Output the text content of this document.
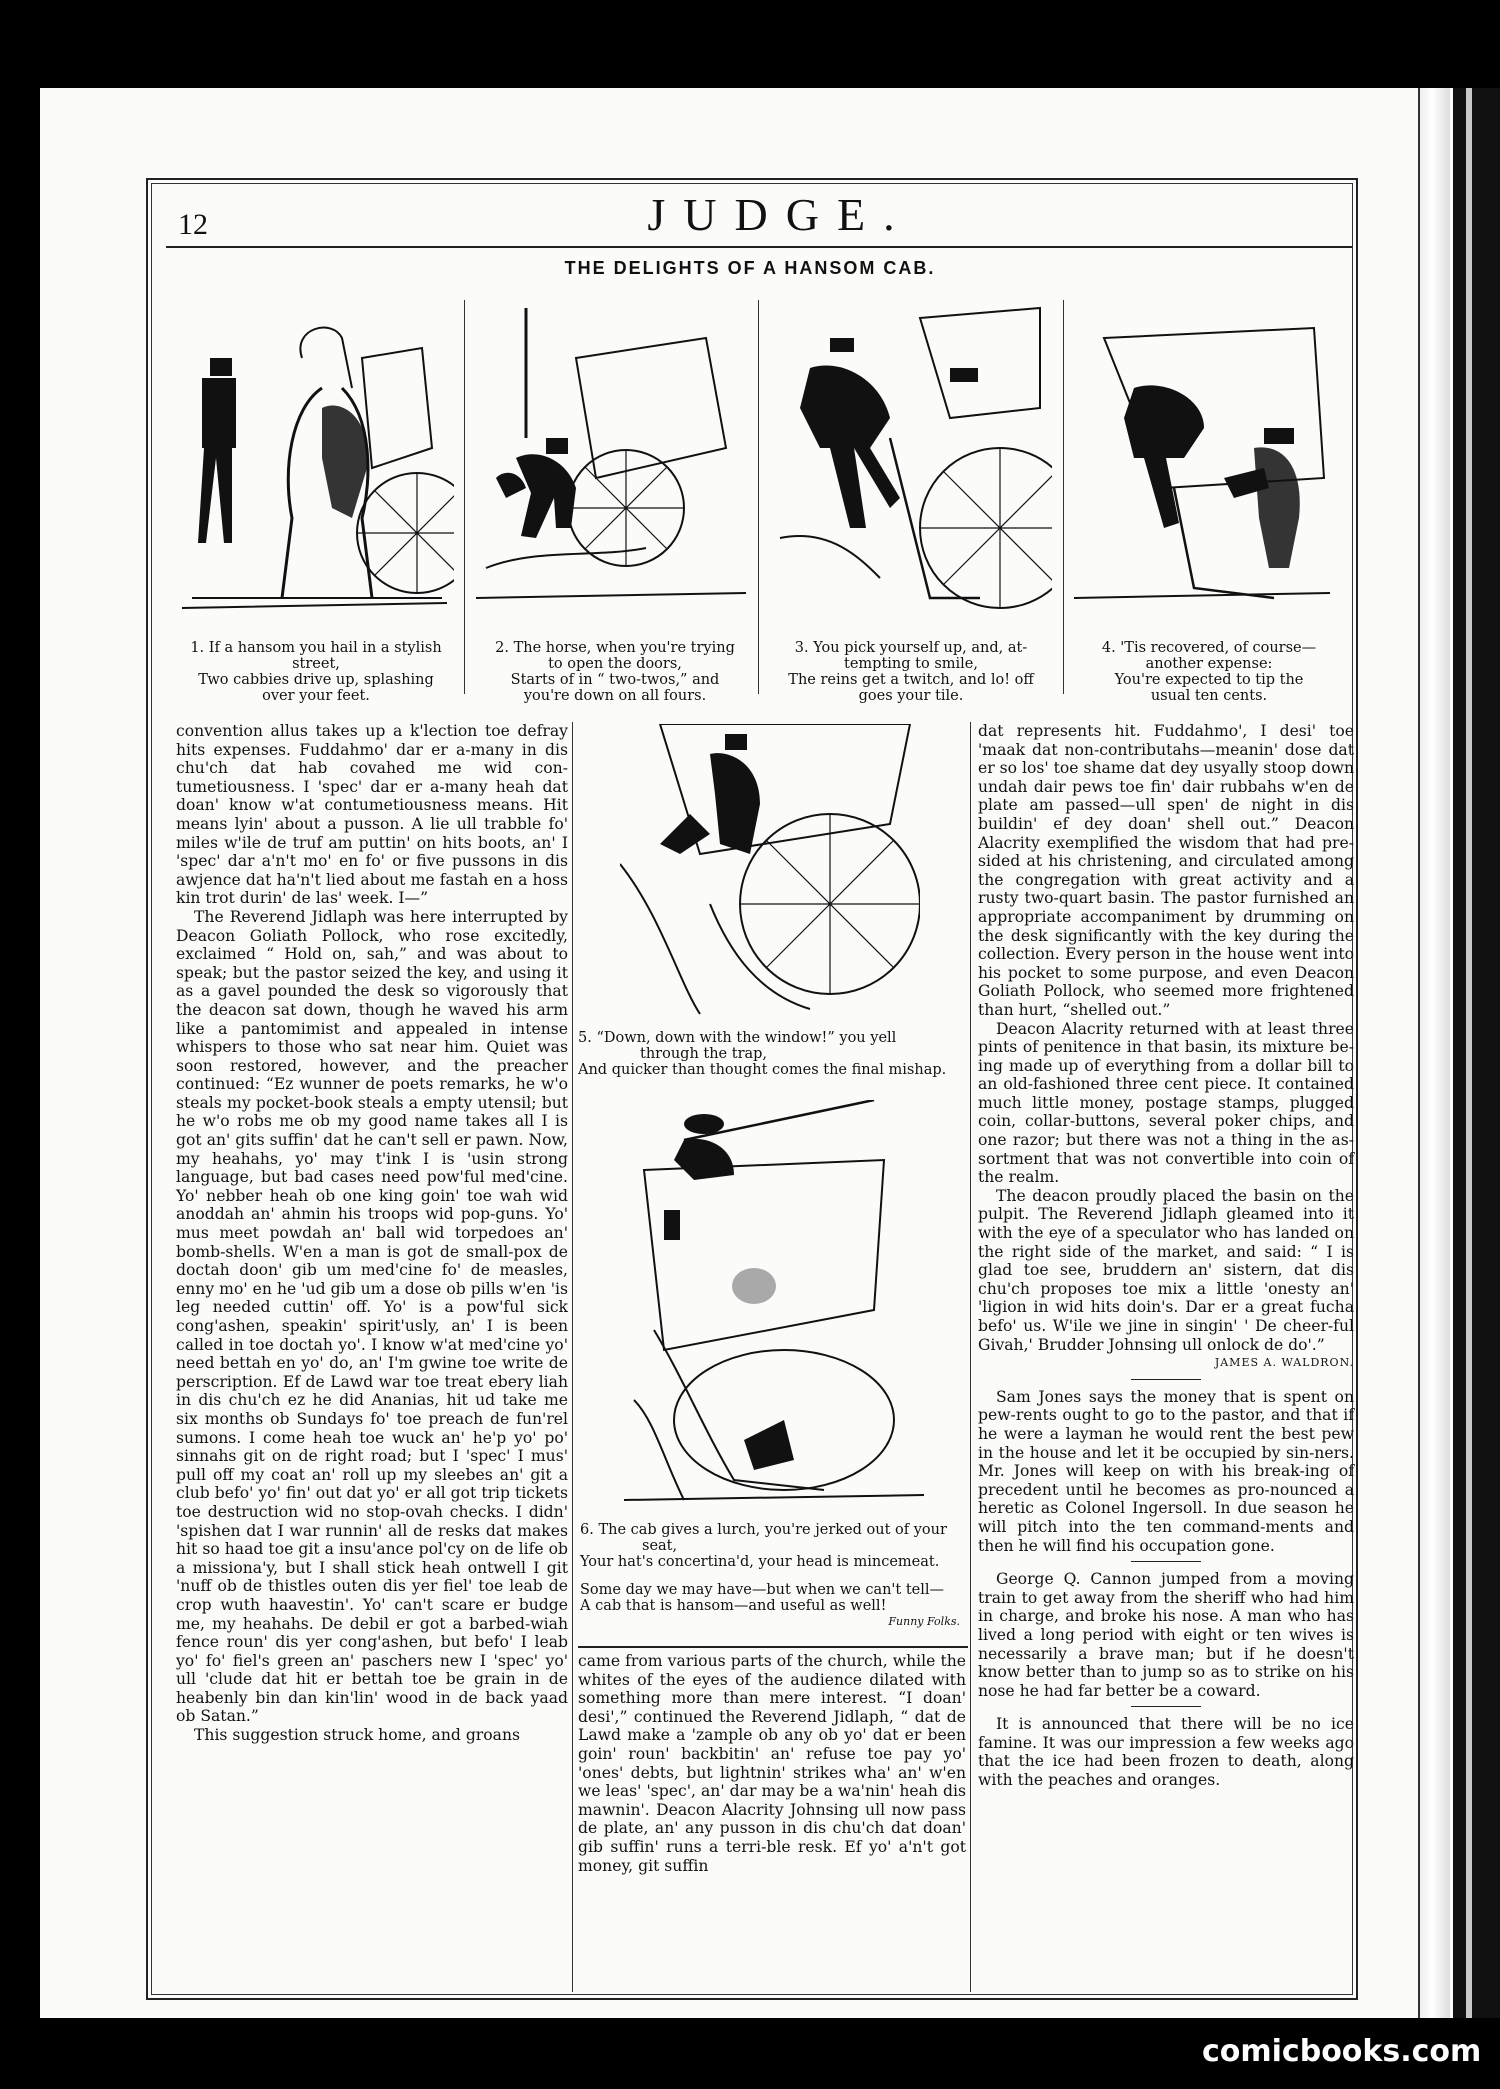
12	JUDGE.
THE DELIGHTS OF A HANSOM CAB.
1. If a hansom you hail in a stylish
street,
Two cabbies drive up, splashing
over your feet.
2. The horse, when you're trying
to open the doors,
Starts of in “ two-twos,” and
you're down on all fours.
3. You pick yourself up, and, at-
tempting to smile,
The reins get a twitch, and lo! off
goes your tile.
4. 'Tis recovered, of course—
another expense:
You're expected to tip the
usual ten cents.

convention allus takes up a k'lection toe defray hits expenses. Fuddahmo' dar er a-many in dis chu'ch dat hab covahed me wid con-tumetiousness. I 'spec' dar er a-many heah dat doan' know w'at contumetiousness means. Hit means lyin' about a pusson. A lie ull trabble fo' miles w'ile de truf am puttin' on hits boots, an' I 'spec' dar a'n't mo' en fo' or five pussons in dis awjence dat ha'n't lied about me fastah en a hoss kin trot durin' de las' week. I—”

The Reverend Jidlaph was here interrupted by Deacon Goliath Pollock, who rose excitedly, exclaimed “ Hold on, sah,” and was about to speak; but the pastor seized the key, and using it as a gavel pounded the desk so vigorously that the deacon sat down, though he waved his arm like a pantomimist and appealed in intense whispers to those who sat near him. Quiet was soon restored, however, and the preacher continued: “Ez wunner de poets remarks, he w'o steals my pocket-book steals a empty utensil; but he w'o robs me ob my good name takes all I is got an' gits suffin' dat he can't sell er pawn. Now, my heahahs, yo' may t'ink I is 'usin strong language, but bad cases need pow'ful med'cine. Yo' nebber heah ob one king goin' toe wah wid anoddah an' ahmin his troops wid pop-guns. Yo' mus meet powdah an' ball wid torpedoes an' bomb-shells. W'en a man is got de small-pox de doctah doon' gib um med'cine fo' de measles, enny mo' en he 'ud gib um a dose ob pills w'en 'is leg needed cuttin' off. Yo' is a pow'ful sick cong'ashen, speakin' spirit'usly, an' I is been called in toe doctah yo'. I know w'at med'cine yo' need bettah en yo' do, an' I'm gwine toe write de perscription. Ef de Lawd war toe treat ebery liah in dis chu'ch ez he did Ananias, hit ud take me six months ob Sundays fo' toe preach de fun'rel sumons. I come heah toe wuck an' he'p yo' po' sinnahs git on de right road; but I 'spec' I mus' pull off my coat an' roll up my sleebes an' git a club befo' yo' fin' out dat yo' er all got trip tickets toe destruction wid no stop-ovah checks. I didn' 'spishen dat I war runnin' all de resks dat makes hit so haad toe git a insu'ance pol'cy on de life ob a missiona'y, but I shall stick heah ontwell I git 'nuff ob de thistles outen dis yer fiel' toe leab de crop wuth haavestin'. Yo' can't scare er budge me, my heahahs. De debil er got a barbed-wiah fence roun' dis yer cong'ashen, but befo' I leab yo' fo' fiel's green an' paschers new I 'spec' yo' ull 'clude dat hit er bettah toe be grain in de heabenly bin dan kin'lin' wood in de back yaad ob Satan.”

This suggestion struck home, and groans

5. “Down, down with the window!” you yell
through the trap,
And quicker than thought comes the final mishap.
6. The cab gives a lurch, you're jerked out of your
seat,
Your hat's concertina'd, your head is mincemeat.
Some day we may have—but when we can't tell—
A cab that is hansom—and useful as well!
Funny Folks.

came from various parts of the church, while the whites of the eyes of the audience dilated with something more than mere interest. “I doan' desi',” continued the Reverend Jidlaph, “ dat de Lawd make a 'zample ob any ob yo' dat er been goin' roun' backbitin' an' refuse toe pay yo' 'ones' debts, but lightnin' strikes wha' an' w'en we leas' 'spec', an' dar may be a wa'nin' heah dis mawnin'. Deacon Alacrity Johnsing ull now pass de plate, an' any pusson in dis chu'ch dat doan' gib suffin' runs a terri-ble resk. Ef yo' a'n't got money, git suffin

dat represents hit. Fuddahmo', I desi' toe 'maak dat non-contributahs—meanin' dose dat er so los' toe shame dat dey usyally stoop down undah dair pews toe fin' dair rubbahs w'en de plate am passed—ull spen' de night in dis buildin' ef dey doan' shell out.” Deacon Alacrity exemplified the wisdom that had pre-sided at his christening, and circulated among the congregation with great activity and a rusty two-quart basin. The pastor furnished an appropriate accompaniment by drumming on the desk significantly with the key during the collection. Every person in the house went into his pocket to some purpose, and even Deacon Goliath Pollock, who seemed more frightened than hurt, “shelled out.”

Deacon Alacrity returned with at least three pints of penitence in that basin, its mixture be-ing made up of everything from a dollar bill to an old-fashioned three cent piece. It contained much little money, postage stamps, plugged coin, collar-buttons, several poker chips, and one razor; but there was not a thing in the as-sortment that was not convertible into coin of the realm.

The deacon proudly placed the basin on the pulpit. The Reverend Jidlaph gleamed into it with the eye of a speculator who has landed on the right side of the market, and said: “ I is glad toe see, bruddern an' sistern, dat dis chu'ch proposes toe mix a little 'onesty an' 'ligion in wid hits doin's. Dar er a great fucha befo' us. W'ile we jine in singin' ' De cheer-ful Givah,' Brudder Johnsing ull onlock de do'.”

JAMES A. WALDRON.

Sam Jones says the money that is spent on pew-rents ought to go to the pastor, and that if he were a layman he would rent the best pew in the house and let it be occupied by sin-ners. Mr. Jones will keep on with his break-ing of precedent until he becomes as pro-nounced a heretic as Colonel Ingersoll. In due season he will pitch into the ten command-ments and then he will find his occupation gone.

George Q. Cannon jumped from a moving train to get away from the sheriff who had him in charge, and broke his nose. A man who has lived a long period with eight or ten wives is necessarily a brave man; but if he doesn't know better than to jump so as to strike on his nose he had far better be a coward.

It is announced that there will be no ice famine. It was our impression a few weeks ago that the ice had been frozen to death, along with the peaches and oranges.

comicbooks.com
